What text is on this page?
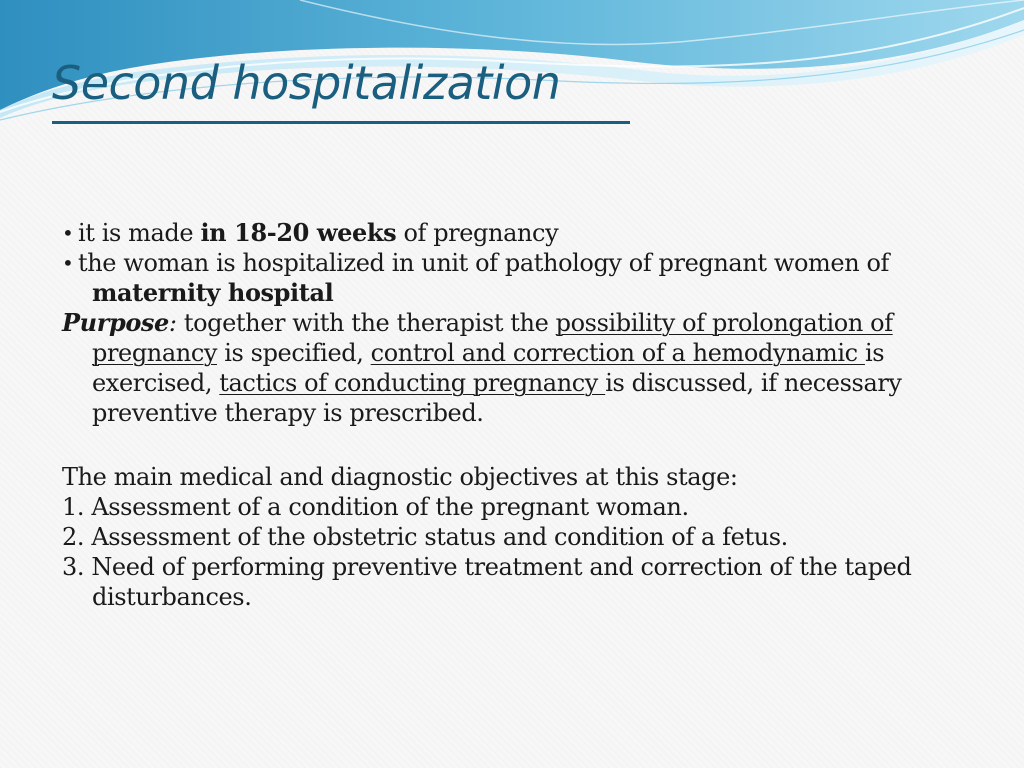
Second hospitalization

• it is made in 18-20 weeks of pregnancy

• the woman is hospitalized in unit of pathology of pregnant women of maternity hospital

Purpose: together with the therapist the possibility of prolongation of pregnancy is specified, control and correction of a hemodynamic is exercised, tactics of conducting pregnancy is discussed, if necessary preventive therapy is prescribed.

The main medical and diagnostic objectives at this stage:

1. Assessment of a condition of the pregnant woman.

2. Assessment of the obstetric status and condition of a fetus.

3. Need of performing preventive treatment and correction of the taped disturbances.
